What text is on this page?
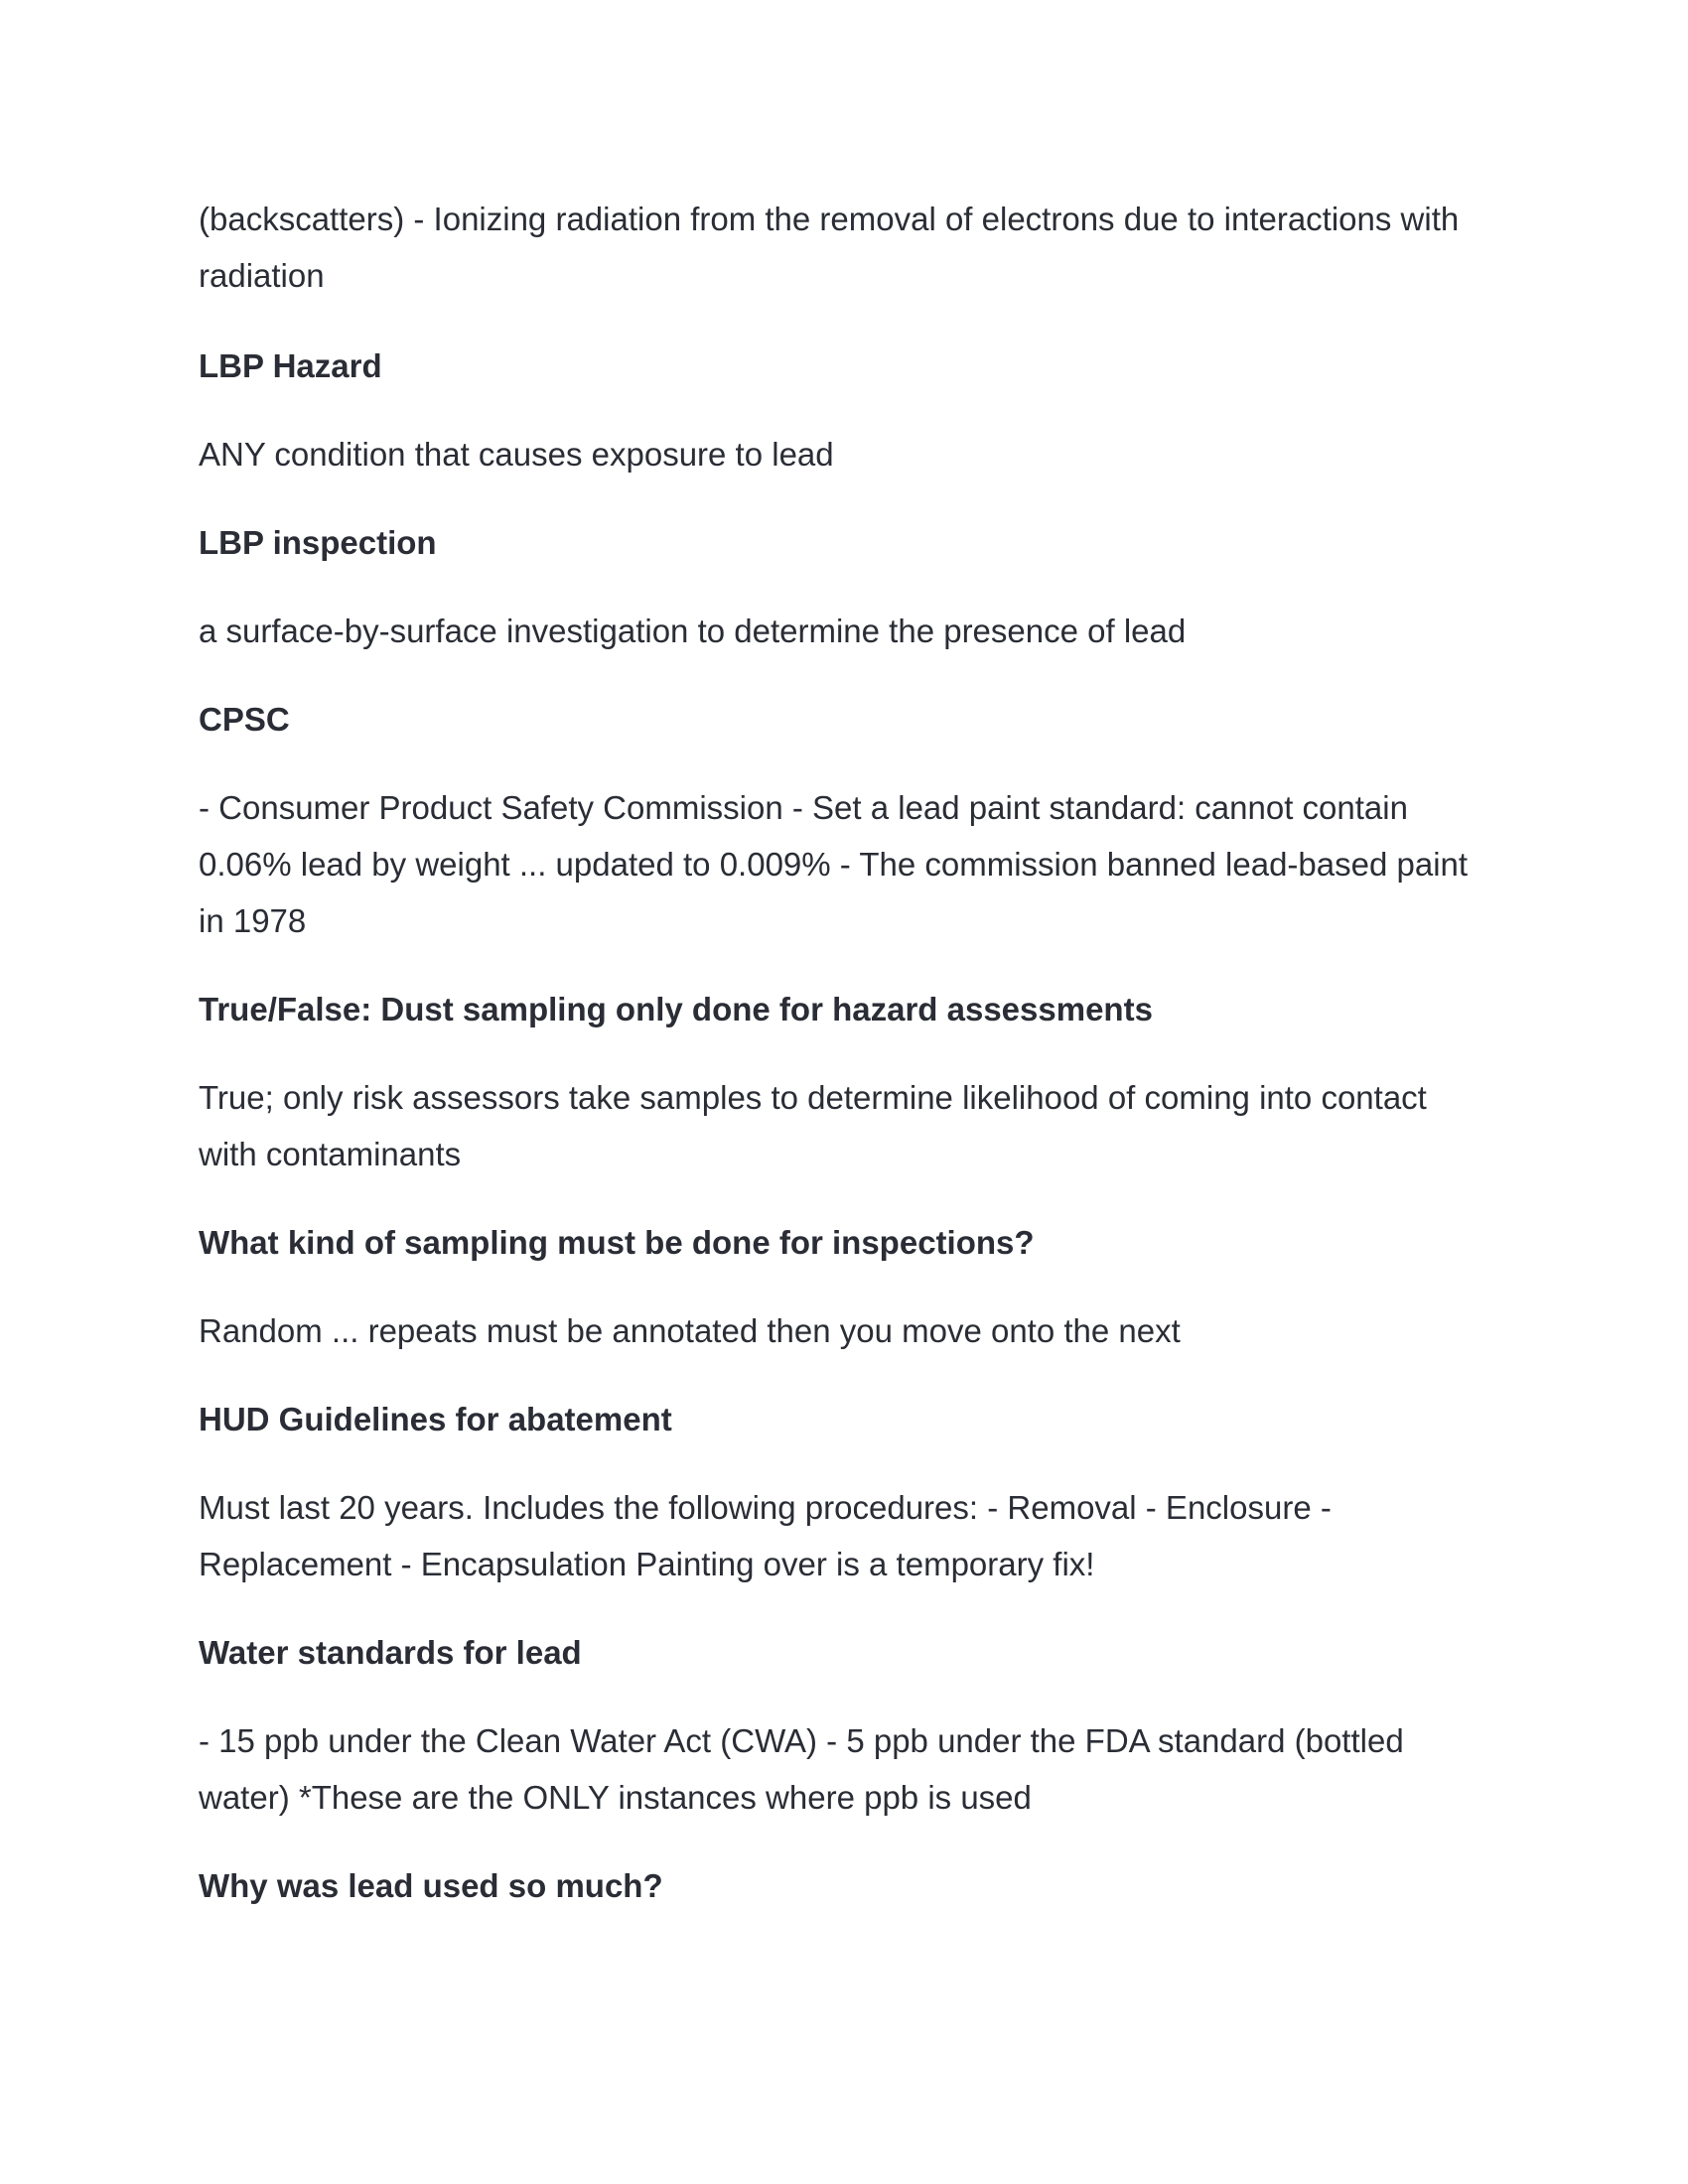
(backscatters) - Ionizing radiation from the removal of electrons due to interactions with radiation

LBP Hazard

ANY condition that causes exposure to lead

LBP inspection

a surface-by-surface investigation to determine the presence of lead

CPSC

- Consumer Product Safety Commission - Set a lead paint standard: cannot contain 0.06% lead by weight ... updated to 0.009% - The commission banned lead-based paint in 1978

True/False: Dust sampling only done for hazard assessments

True; only risk assessors take samples to determine likelihood of coming into contact with contaminants

What kind of sampling must be done for inspections?

Random ... repeats must be annotated then you move onto the next

HUD Guidelines for abatement

Must last 20 years. Includes the following procedures: - Removal - Enclosure - Replacement - Encapsulation Painting over is a temporary fix!

Water standards for lead

- 15 ppb under the Clean Water Act (CWA) - 5 ppb under the FDA standard (bottled water) *These are the ONLY instances where ppb is used

Why was lead used so much?
